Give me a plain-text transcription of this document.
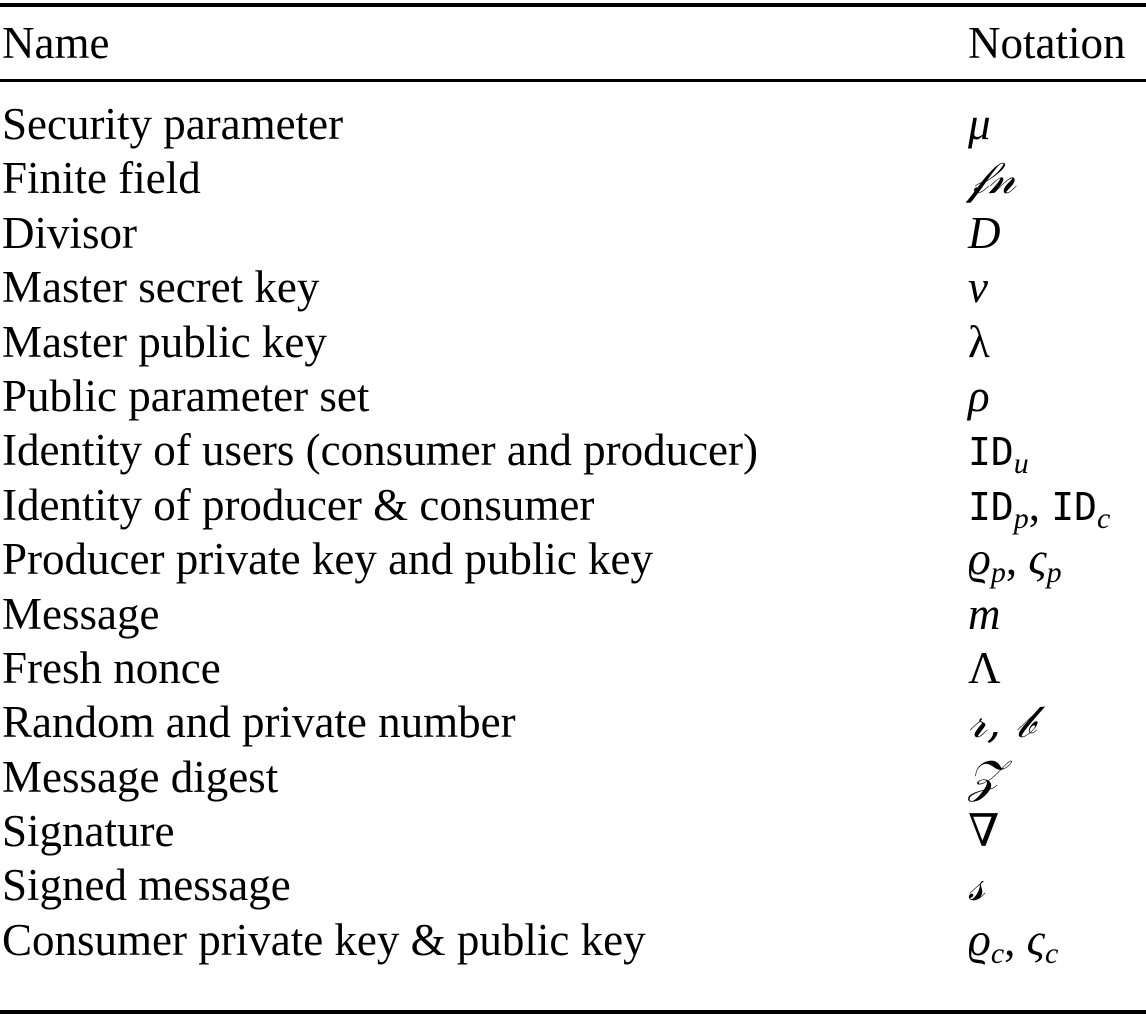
Name	Notation
Security parameter	μ
Finite field	𝒻𝓃
Divisor	D
Master secret key	ν
Master public key	λ
Public parameter set	ρ
Identity of users (consumer and producer)	$ID_u$
Identity of producer & consumer	$ID_p$, $ID_c$
Producer private key and public key	$ϱ_p$, $\varsigma_p$
Message	m
Fresh nonce	Λ
Random and private number	𝓇, 𝒷
Message digest	𝒵
Signature	∇
Signed message	𝓈
Consumer private key & public key	$ϱ_c$, $\varsigma_c$
